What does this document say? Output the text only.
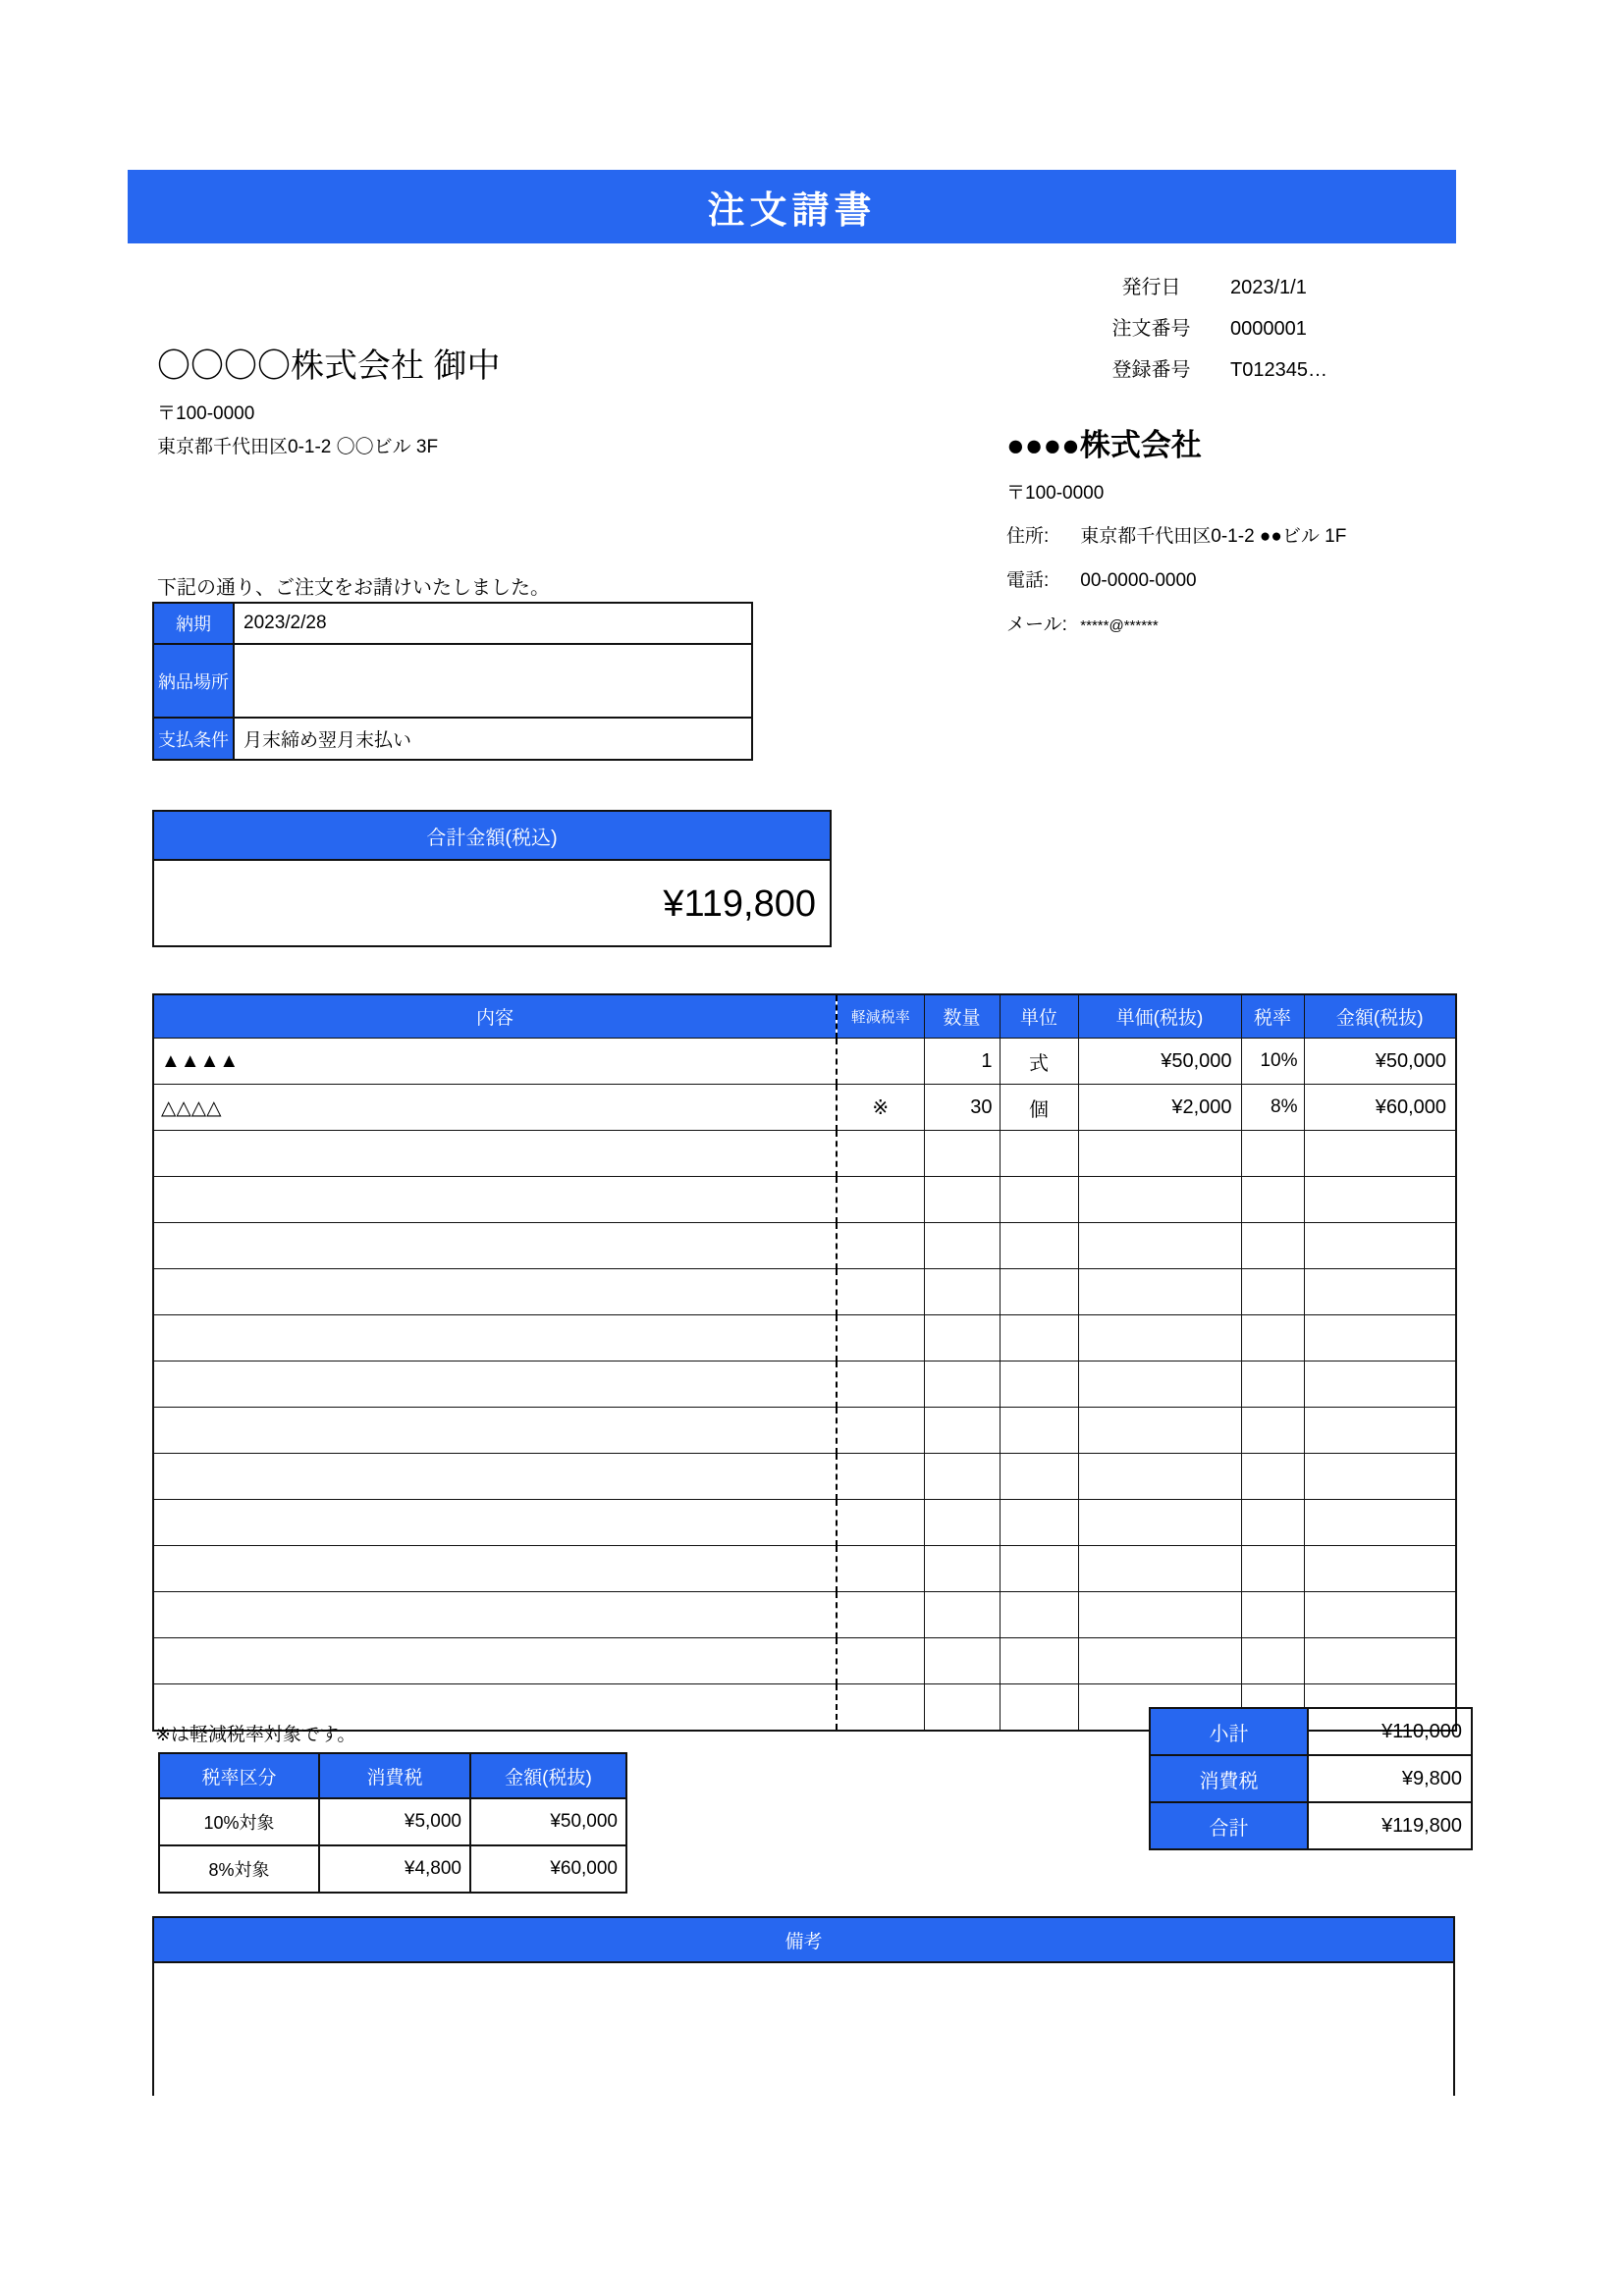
注文請書
発行日	2023/1/1
注文番号 0000001
登録番号 T012345…
〇〇〇〇株式会社 御中
〒100-0000
東京都千代田区0-1-2 〇〇ビル 3F	●●●●株式会社
〒100-0000
住所: 東京都千代田区0-1-2 ●●ビル 1F
電話: 00-0000-0000
メール: *****@******
下記の通り、ご注文をお請けいたしました。
納期	2023/2/28
納品場所	
支払条件	月末締め翌月末払い
合計金額(税込)
¥119,800
内容	軽減税率	数量	単位	単価(税抜)	税率	金額(税抜)
▲▲▲▲		1	式	¥50,000	10%	¥50,000
△△△△	※	30	個	¥2,000	8%	¥60,000

小計	¥110,000
消費税	¥9,800
合計	¥119,800
※は軽減税率対象です。
税率区分	消費税	金額(税抜)
10%対象	¥5,000	¥50,000
8%対象	¥4,800	¥60,000
備考
